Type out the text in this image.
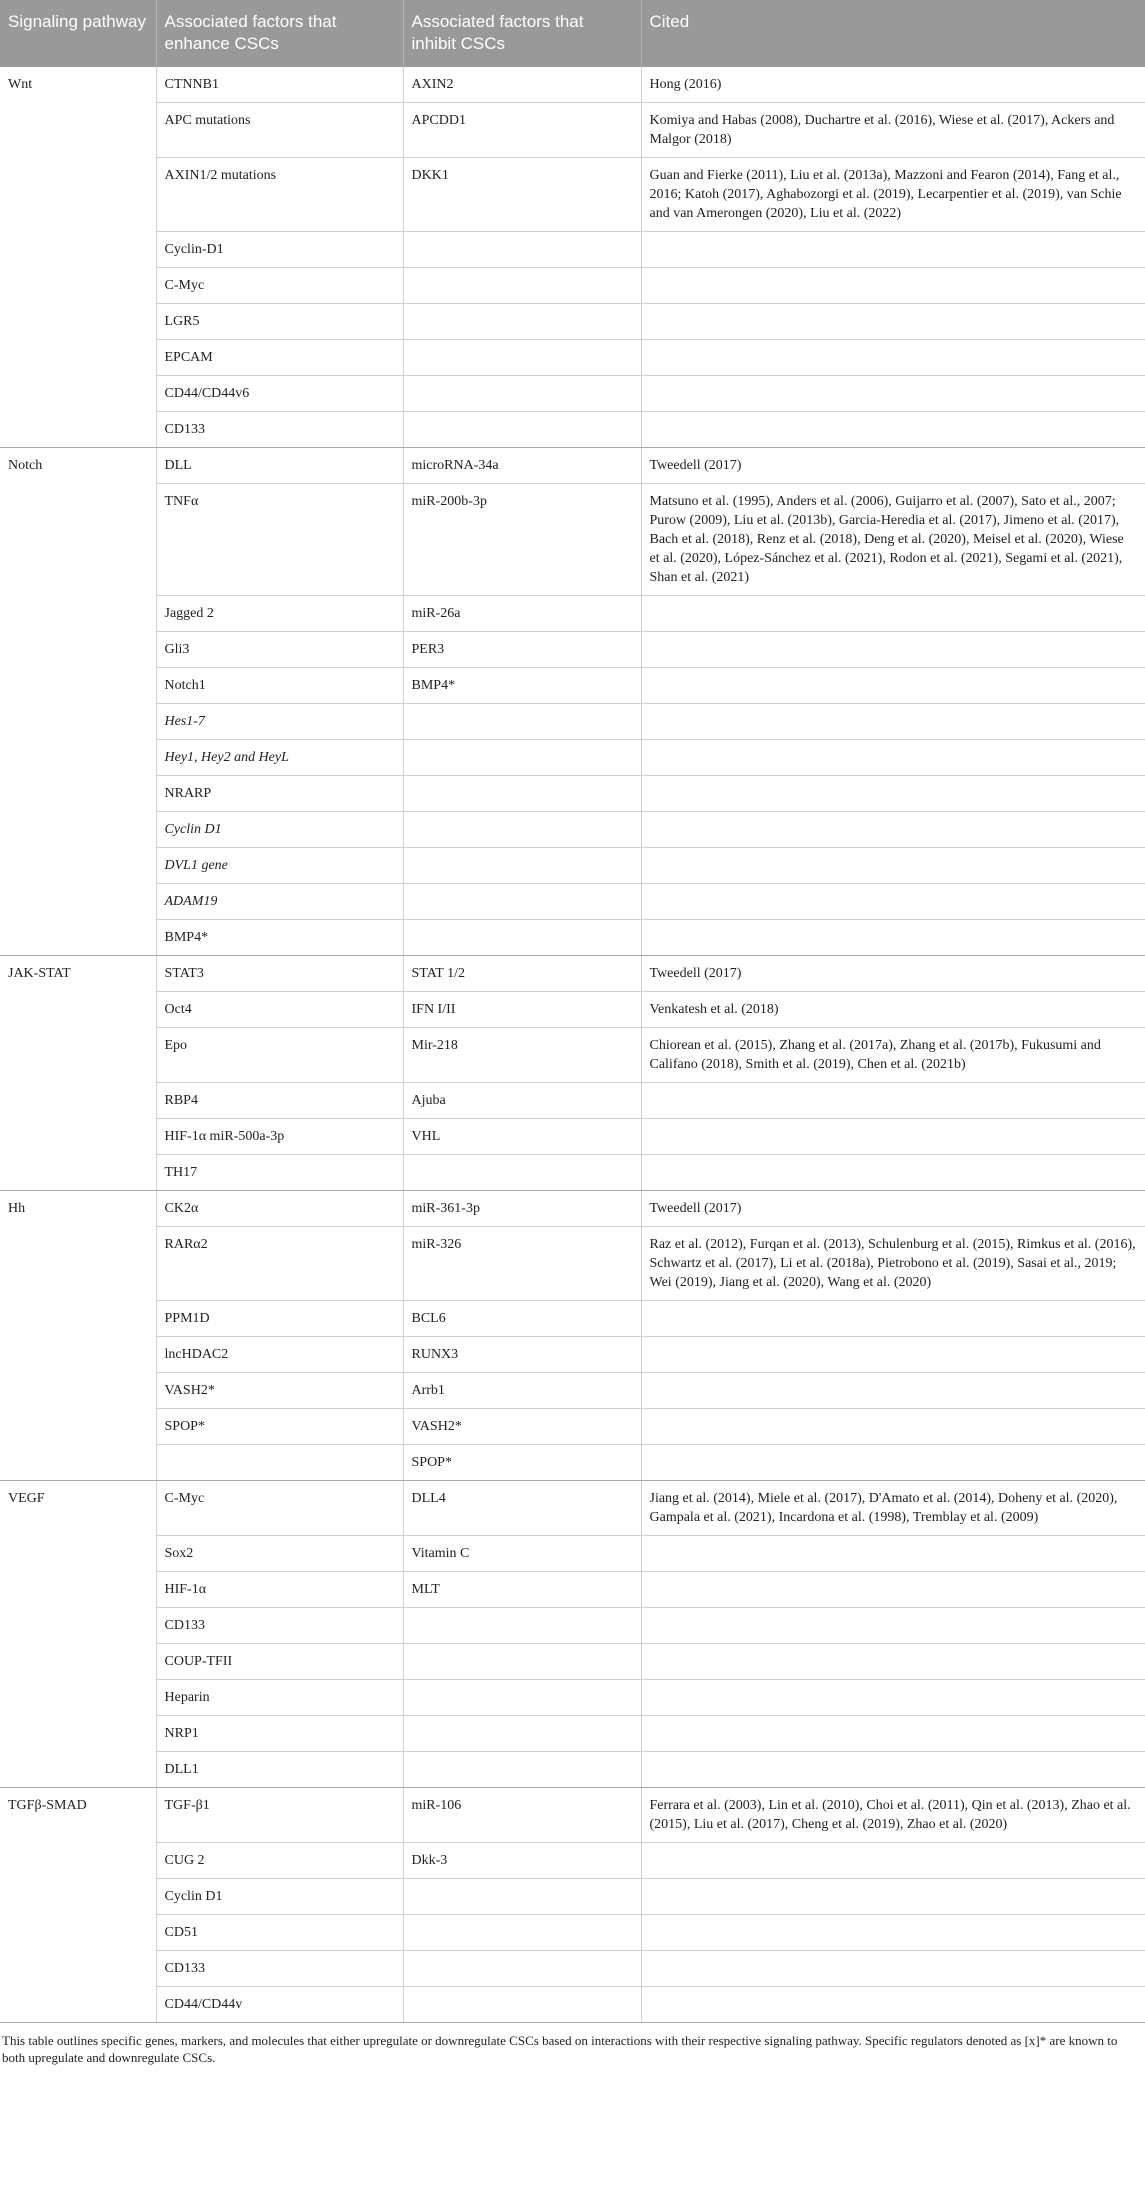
Signaling pathway	Associated factors that enhance CSCs	Associated factors that inhibit CSCs	Cited
Wnt	CTNNB1	AXIN2	Hong (2016)
	APC mutations	APCDD1	Komiya and Habas (2008), Duchartre et al. (2016), Wiese et al. (2017), Ackers and Malgor (2018)
	AXIN1/2 mutations	DKK1	Guan and Fierke (2011), Liu et al. (2013a), Mazzoni and Fearon (2014), Fang et al., 2016; Katoh (2017), Aghabozorgi et al. (2019), Lecarpentier et al. (2019), van Schie and van Amerongen (2020), Liu et al. (2022)
	Cyclin-D1		
	C-Myc		
	LGR5		
	EPCAM		
	CD44/CD44v6		
	CD133		
Notch	DLL	microRNA-34a	Tweedell (2017)
	TNFα	miR-200b-3p	Matsuno et al. (1995), Anders et al. (2006), Guijarro et al. (2007), Sato et al., 2007; Purow (2009), Liu et al. (2013b), Garcia-Heredia et al. (2017), Jimeno et al. (2017), Bach et al. (2018), Renz et al. (2018), Deng et al. (2020), Meisel et al. (2020), Wiese et al. (2020), López-Sánchez et al. (2021), Rodon et al. (2021), Segami et al. (2021), Shan et al. (2021)
	Jagged 2	miR-26a	
	Gli3	PER3	
	Notch1	BMP4*	
	Hes1-7		
	Hey1, Hey2 and HeyL		
	NRARP		
	Cyclin D1		
	DVL1 gene		
	ADAM19		
	BMP4*		
JAK-STAT	STAT3	STAT 1/2	Tweedell (2017)
	Oct4	IFN I/II	Venkatesh et al. (2018)
	Epo	Mir-218	Chiorean et al. (2015), Zhang et al. (2017a), Zhang et al. (2017b), Fukusumi and Califano (2018), Smith et al. (2019), Chen et al. (2021b)
	RBP4	Ajuba	
	HIF-1α miR-500a-3p	VHL	
	TH17		
Hh	CK2α	miR-361-3p	Tweedell (2017)
	RARα2	miR-326	Raz et al. (2012), Furqan et al. (2013), Schulenburg et al. (2015), Rimkus et al. (2016), Schwartz et al. (2017), Li et al. (2018a), Pietrobono et al. (2019), Sasai et al., 2019; Wei (2019), Jiang et al. (2020), Wang et al. (2020)
	PPM1D	BCL6	
	lncHDAC2	RUNX3	
	VASH2*	Arrb1	
	SPOP*	VASH2*	
		SPOP*	
VEGF	C-Myc	DLL4	Jiang et al. (2014), Miele et al. (2017), D'Amato et al. (2014), Doheny et al. (2020), Gampala et al. (2021), Incardona et al. (1998), Tremblay et al. (2009)
	Sox2	Vitamin C	
	HIF-1α	MLT	
	CD133		
	COUP-TFII		
	Heparin		
	NRP1		
	DLL1		
TGFβ-SMAD	TGF-β1	miR-106	Ferrara et al. (2003), Lin et al. (2010), Choi et al. (2011), Qin et al. (2013), Zhao et al. (2015), Liu et al. (2017), Cheng et al. (2019), Zhao et al. (2020)
	CUG 2	Dkk-3	
	Cyclin D1		
	CD51		
	CD133		
	CD44/CD44v		

This table outlines specific genes, markers, and molecules that either upregulate or downregulate CSCs based on interactions with their respective signaling pathway. Specific regulators denoted as [x]* are known to both upregulate and downregulate CSCs.
